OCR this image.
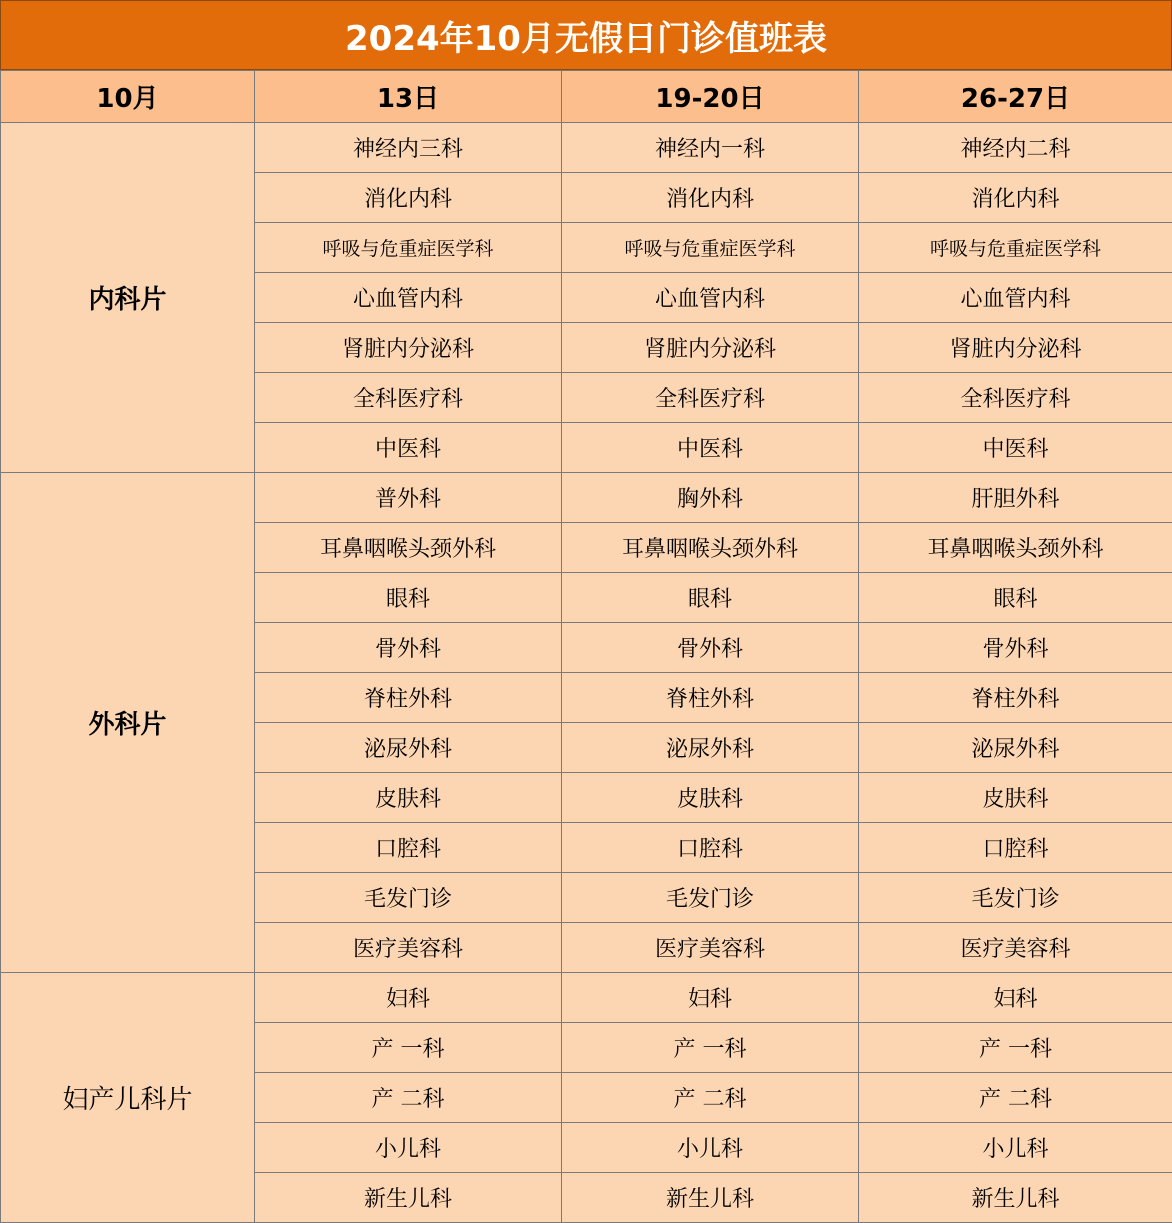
2024年10月无假日门诊值班表
10月	13日	19-20日	26-27日
内科片	神经内三科	神经内一科	神经内二科
	消化内科	消化内科	消化内科
	呼吸与危重症医学科	呼吸与危重症医学科	呼吸与危重症医学科
	心血管内科	心血管内科	心血管内科
	肾脏内分泌科	肾脏内分泌科	肾脏内分泌科
	全科医疗科	全科医疗科	全科医疗科
	中医科	中医科	中医科
外科片	普外科	胸外科	肝胆外科
	耳鼻咽喉头颈外科	耳鼻咽喉头颈外科	耳鼻咽喉头颈外科
	眼科	眼科	眼科
	骨外科	骨外科	骨外科
	脊柱外科	脊柱外科	脊柱外科
	泌尿外科	泌尿外科	泌尿外科
	皮肤科	皮肤科	皮肤科
	口腔科	口腔科	口腔科
	毛发门诊	毛发门诊	毛发门诊
	医疗美容科	医疗美容科	医疗美容科
妇产儿科片	妇科	妇科	妇科
	产 一科	产 一科	产 一科
	产 二科	产 二科	产 二科
	小儿科	小儿科	小儿科
	新生儿科	新生儿科	新生儿科
